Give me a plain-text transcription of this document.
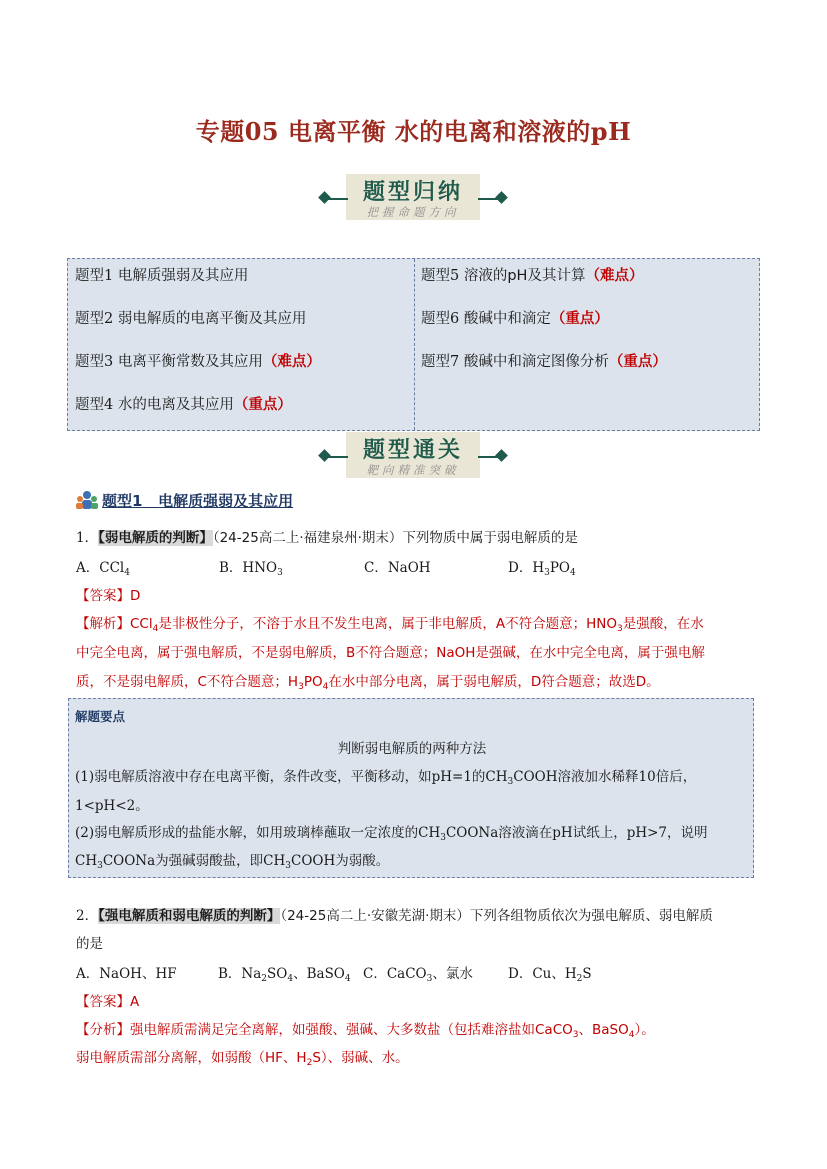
专题05 电离平衡 水的电离和溶液的pH
题型归纳
把握命题方向
题型1 电解质强弱及其应用
题型2 弱电解质的电离平衡及其应用
题型3 电离平衡常数及其应用（难点）
题型4 水的电离及其应用（重点）
题型5 溶液的pH及其计算（难点）
题型6 酸碱中和滴定（重点）
题型7 酸碱中和滴定图像分析（重点）
题型通关
靶向精准突破
题型1 电解质强弱及其应用
1．【弱电解质的判断】（24-25高二上·福建泉州·期末）下列物质中属于弱电解质的是
A．CCl$_4$	B．$HNO_3$	C．NaOH	D．$H_3PO_4$
【答案】D
【解析】CCl$_4$是非极性分子，不溶于水且不发生电离，属于非电解质，A不符合题意；$HNO_3$是强酸，在水
中完全电离，属于强电解质，不是弱电解质，B不符合题意；NaOH是强碱，在水中完全电离，属于强电解
质，不是弱电解质，C不符合题意；$H_3PO_4$在水中部分电离，属于弱电解质，D符合题意；故选D。
解题要点
判断弱电解质的两种方法
(1)弱电解质溶液中存在电离平衡，条件改变，平衡移动，如pH=1的$CH_3COOH$溶液加水稀释10倍后，
1<pH<2。
(2)弱电解质形成的盐能水解，如用玻璃棒蘸取一定浓度的$CH_3COONa$溶液滴在pH试纸上，pH>7，说明
$CH_3COONa$为强碱弱酸盐，即$CH_3COOH$为弱酸。
2．【强电解质和弱电解质的判断】（24-25高二上·安徽芜湖·期末）下列各组物质依次为强电解质、弱电解质
的是
A．NaOH、HF	B．$Na_2SO_4$、BaSO$_4$ C．CaCO$_3$、氯水	D．Cu、$H_2S$
【答案】A
【分析】强电解质需满足完全离解，如强酸、强碱、大多数盐（包括难溶盐如CaCO$_3$、BaSO$_4$）。
弱电解质需部分离解，如弱酸（HF、$H_2S$）、弱碱、水。
